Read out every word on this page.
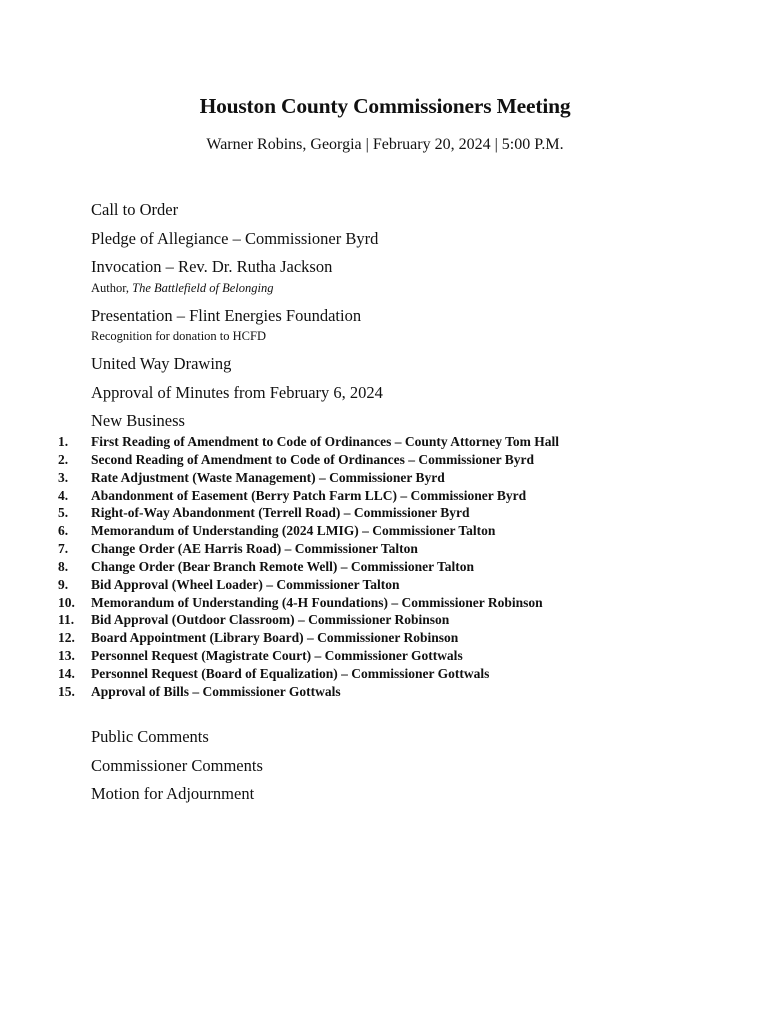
Houston County Commissioners Meeting
Warner Robins, Georgia | February 20, 2024 | 5:00 P.M.
Call to Order
Pledge of Allegiance – Commissioner Byrd
Invocation – Rev. Dr. Rutha Jackson
Author, The Battlefield of Belonging
Presentation – Flint Energies Foundation
Recognition for donation to HCFD
United Way Drawing
Approval of Minutes from February 6, 2024
New Business
1.	First Reading of Amendment to Code of Ordinances – County Attorney Tom Hall
2.	Second Reading of Amendment to Code of Ordinances – Commissioner Byrd
3.	Rate Adjustment (Waste Management) – Commissioner Byrd
4.	Abandonment of Easement (Berry Patch Farm LLC) – Commissioner Byrd
5.	Right-of-Way Abandonment (Terrell Road) – Commissioner Byrd
6.	Memorandum of Understanding (2024 LMIG) – Commissioner Talton
7.	Change Order (AE Harris Road) – Commissioner Talton
8.	Change Order (Bear Branch Remote Well) – Commissioner Talton
9.	Bid Approval (Wheel Loader) – Commissioner Talton
10.	Memorandum of Understanding (4-H Foundations) – Commissioner Robinson
11.	Bid Approval (Outdoor Classroom) – Commissioner Robinson
12.	Board Appointment (Library Board) – Commissioner Robinson
13.	Personnel Request (Magistrate Court) – Commissioner Gottwals
14.	Personnel Request (Board of Equalization) – Commissioner Gottwals
15.	Approval of Bills – Commissioner Gottwals
Public Comments
Commissioner Comments
Motion for Adjournment
